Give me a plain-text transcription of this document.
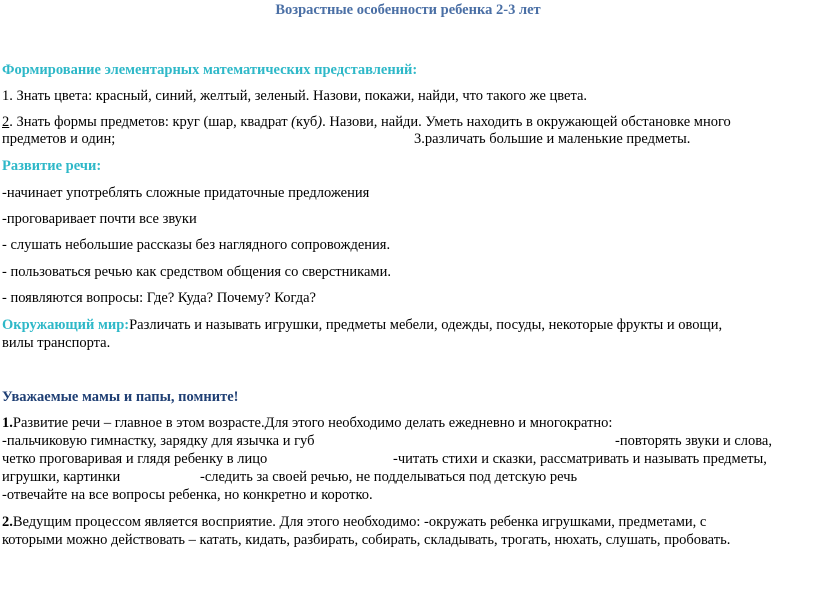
Возрастные особенности ребенка 2-3 лет

Формирование элементарных математических представлений:

1. Знать цвета: красный, синий, желтый, зеленый. Назови, покажи, найди, что такого же цвета.

2. Знать формы предметов: круг (шар, квадрат (куб). Назови, найди. Уметь находить в окружающей обстановке много

предметов и один;	3.различать большие и маленькие предметы.

Развитие речи:

-начинает употреблять сложные придаточные предложения

-проговаривает почти все звуки

- слушать небольшие рассказы без наглядного сопровождения.

- пользоваться речью как средством общения со сверстниками.

- появляются вопросы: Где? Куда? Почему? Когда?

Окружающий мир:Различать и называть игрушки, предметы мебели, одежды, посуды, некоторые фрукты и овощи,

вилы транспорта.

Уважаемые мамы и папы, помните!

1.Развитие речи – главное в этом возрасте.Для этого необходимо делать ежедневно и многократно:

-пальчиковую гимнастку, зарядку для язычка и губ	-повторять звуки и слова,

четко проговаривая и глядя ребенку в лицо	-читать стихи и сказки, рассматривать и называть предметы,

игрушки, картинки	-следить за своей речью, не подделываться под детскую речь

-отвечайте на все вопросы ребенка, но конкретно и коротко.

2.Ведущим процессом является восприятие. Для этого необходимо: -окружать ребенка игрушками, предметами, с

которыми можно действовать – катать, кидать, разбирать, собирать, складывать, трогать, нюхать, слушать, пробовать.
